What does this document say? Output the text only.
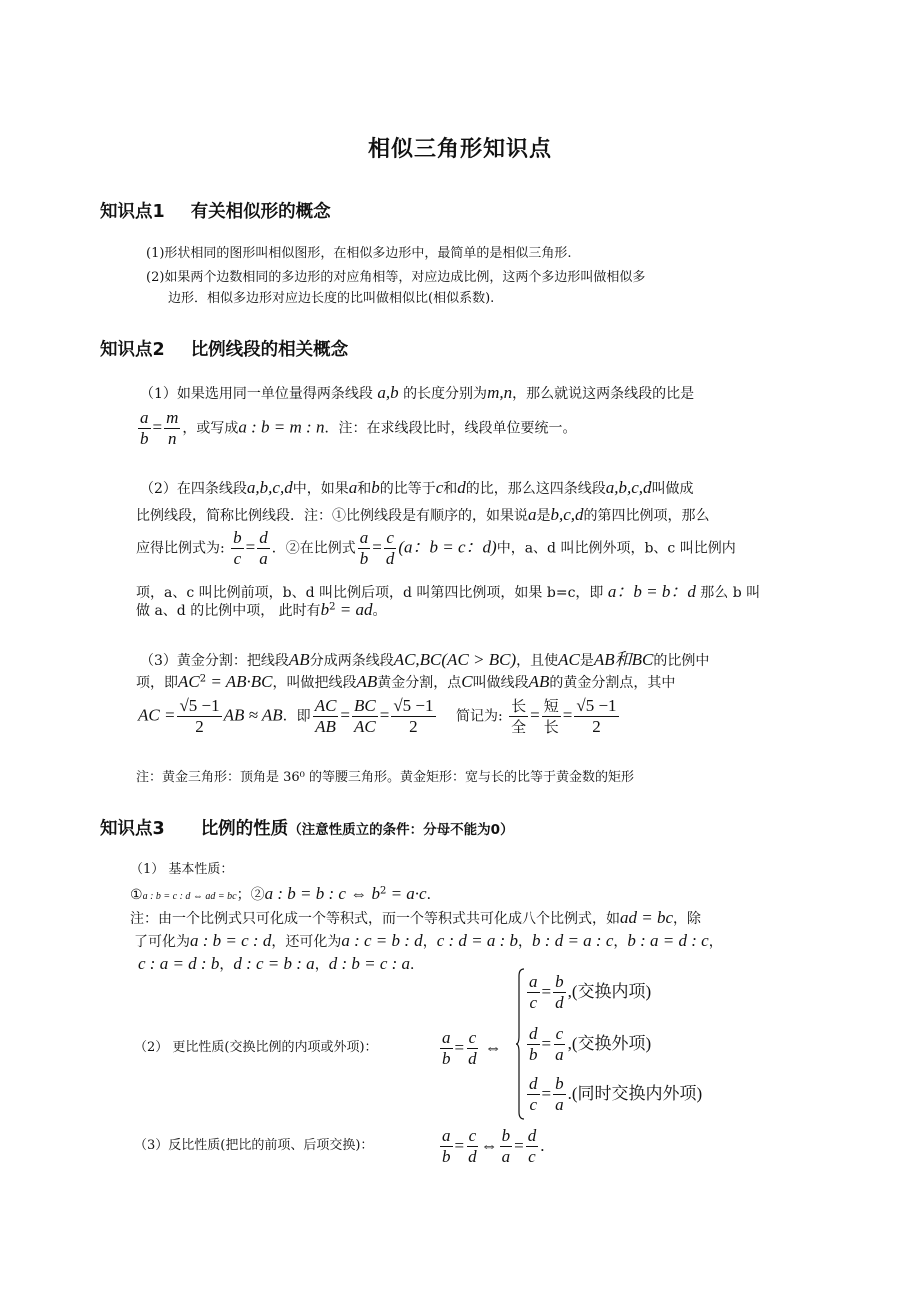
相似三角形知识点
知识点1 有关相似形的概念
(1)形状相同的图形叫相似图形，在相似多边形中，最简单的是相似三角形.
(2)如果两个边数相同的多边形的对应角相等，对应边成比例，这两个多边形叫做相似多
边形．相似多边形对应边长度的比叫做相似比(相似系数).
知识点2 比例线段的相关概念
（1）如果选用同一单位量得两条线段 a,b 的长度分别为m,n，那么就说这两条线段的比是
$\frac{a}{b} = \frac{m}{n}$ ，或写成a : b = m : n．注：在求线段比时，线段单位要统一。
（2）在四条线段a,b,c,d中，如果a和b的比等于c和d的比，那么这四条线段a,b,c,d叫做成
比例线段，简称比例线段．注：①比例线段是有顺序的，如果说a是b,c,d的第四比例项，那么
应得比例式为: $\frac{b}{c} = \frac{d}{a}$ ．②在比例式 $\frac{a}{b} = \frac{c}{d} (a$：b = c：d)中，a、d 叫比例外项，b、c 叫比例内
项，a、c 叫比例前项，b、d 叫比例后项，d 叫第四比例项，如果 b=c，即 a：b = b：d 那么 b 叫
做 a、d 的比例中项， 此时有$b^2$ = ad。
（3）黄金分割：把线段AB分成两条线段AC,BC(AC > BC)，且使AC是AB和BC的比例中
项，即$AC^2 = AB\cdot BC$，叫做把线段AB黄金分割，点C叫做线段AB的黄金分割点，其中
AC = $\frac{√5 -1}{2}$ AB ≈ AB．即 $\frac{AC}{AB} = \frac{BC}{AC} = \frac{√5 -1}{2}$ 简记为: $\frac{\text{长}}{\text{全}} = \frac{\text{短}}{\text{长}} = \frac{√5 -1}{2}$
注：黄金三角形：顶角是 36⁰ 的等腰三角形。黄金矩形：宽与长的比等于黄金数的矩形
知识点3 比例的性质（注意性质立的条件：分母不能为0）
（1） 基本性质：
①a : b = c : d ⇔ ad = bc；②a : b = b : c ⇔ $b^2 = a\cdot c$．
注：由一个比例式只可化成一个等积式，而一个等积式共可化成八个比例式，如ad = bc，除
了可化为a : b = c : d，还可化为a : c = b : d，c : d = a : b，b : d = a : c，b : a = d : c，
c : a = d : b，d : c = b : a，d : b = c : a．
（2） 更比性质(交换比例的内项或外项)：	$\frac{a}{b} = \frac{c}{d}$ ⇔
$\frac{a}{c} = \frac{b}{d}$ ,(交换内项)
$\frac{d}{b} = \frac{c}{a}$ ,(交换外项)
$\frac{d}{c} = \frac{b}{a}$ .(同时交换内外项)
（3）反比性质(把比的前项、后项交换)：	$\frac{a}{b} = \frac{c}{d}$ ⇔ $\frac{b}{a} = \frac{d}{c}$ .
